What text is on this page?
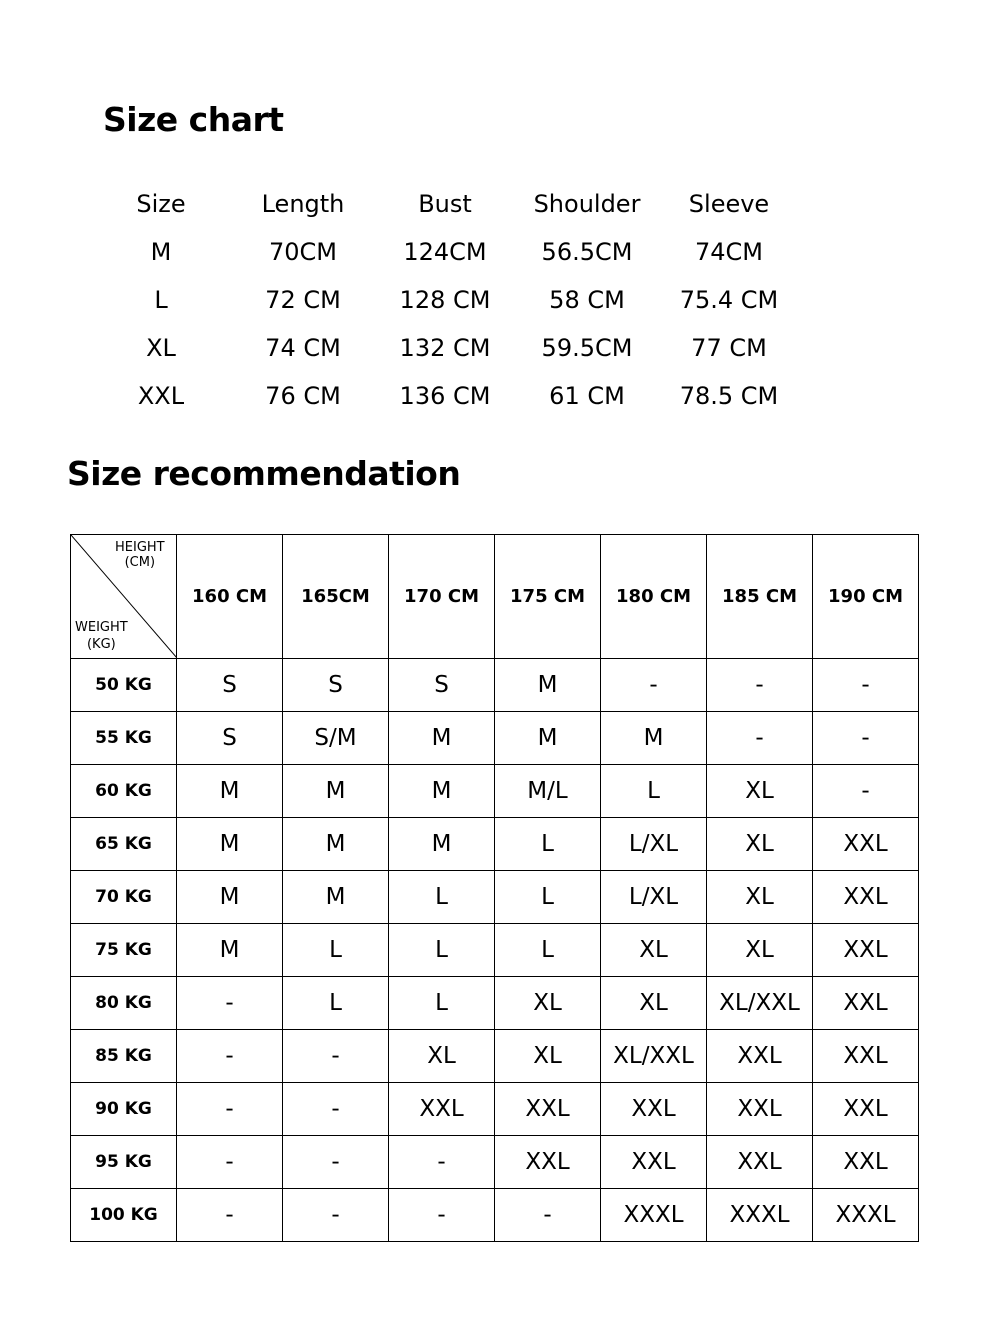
Size chart
Size	Length	Bust	Shoulder	Sleeve
M	70CM	124CM	56.5CM	74CM
L	72 CM	128 CM	58 CM	75.4 CM
XL	74 CM	132 CM	59.5CM	77 CM
XXL	76 CM	136 CM	61 CM	78.5 CM
Size recommendation
HEIGHT
(CM)
WEIGHT
(KG)	160 CM	165CM	170 CM	175 CM	180 CM	185 CM	190 CM
50 KG	S	S	S	M	-	-	-
55 KG	S	S/M	M	M	M	-	-
60 KG	M	M	M	M/L	L	XL	-
65 KG	M	M	M	L	L/XL	XL	XXL
70 KG	M	M	L	L	L/XL	XL	XXL
75 KG	M	L	L	L	XL	XL	XXL
80 KG	-	L	L	XL	XL	XL/XXL	XXL
85 KG	-	-	XL	XL	XL/XXL	XXL	XXL
90 KG	-	-	XXL	XXL	XXL	XXL	XXL
95 KG	-	-	-	XXL	XXL	XXL	XXL
100 KG	-	-	-	-	XXXL	XXXL	XXXL
